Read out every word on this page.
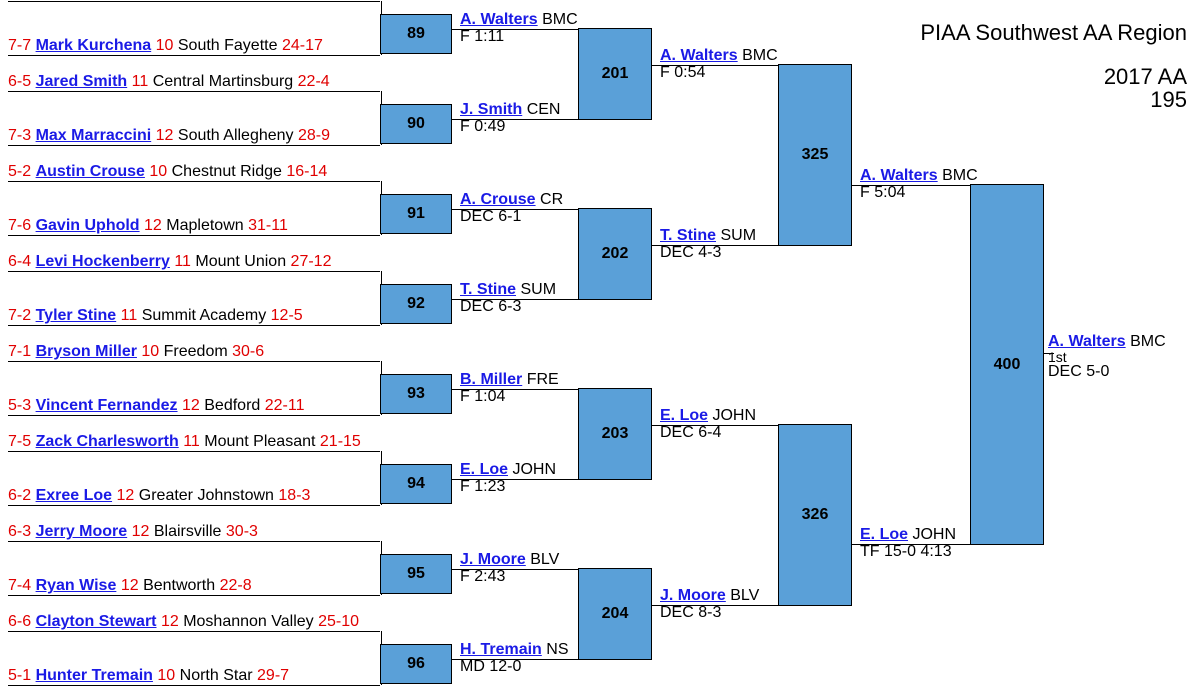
PIAA Southwest AA Region
2017 AA
195
7-7 Mark Kurchena 10 South Fayette 24-17
6-5 Jared Smith 11 Central Martinsburg 22-4
7-3 Max Marraccini 12 South Allegheny 28-9
5-2 Austin Crouse 10 Chestnut Ridge 16-14
7-6 Gavin Uphold 12 Mapletown 31-11
6-4 Levi Hockenberry 11 Mount Union 27-12
7-2 Tyler Stine 11 Summit Academy 12-5
7-1 Bryson Miller 10 Freedom 30-6
5-3 Vincent Fernandez 12 Bedford 22-11
7-5 Zack Charlesworth 11 Mount Pleasant 21-15
6-2 Exree Loe 12 Greater Johnstown 18-3
6-3 Jerry Moore 12 Blairsville 30-3
7-4 Ryan Wise 12 Bentworth 22-8
6-6 Clayton Stewart 12 Moshannon Valley 25-10
5-1 Hunter Tremain 10 North Star 29-7
89
A. Walters BMC
F 1:11
90
J. Smith CEN
F 0:49
91
A. Crouse CR
DEC 6-1
92
T. Stine SUM
DEC 6-3
93
B. Miller FRE
F 1:04
94
E. Loe JOHN
F 1:23
95
J. Moore BLV
F 2:43
96
H. Tremain NS
MD 12-0
201
A. Walters BMC
F 0:54
202
T. Stine SUM
DEC 4-3
203
E. Loe JOHN
DEC 6-4
204
J. Moore BLV
DEC 8-3
325
A. Walters BMC
F 5:04
326
E. Loe JOHN
TF 15-0 4:13
400
A. Walters BMC
1st
DEC 5-0
